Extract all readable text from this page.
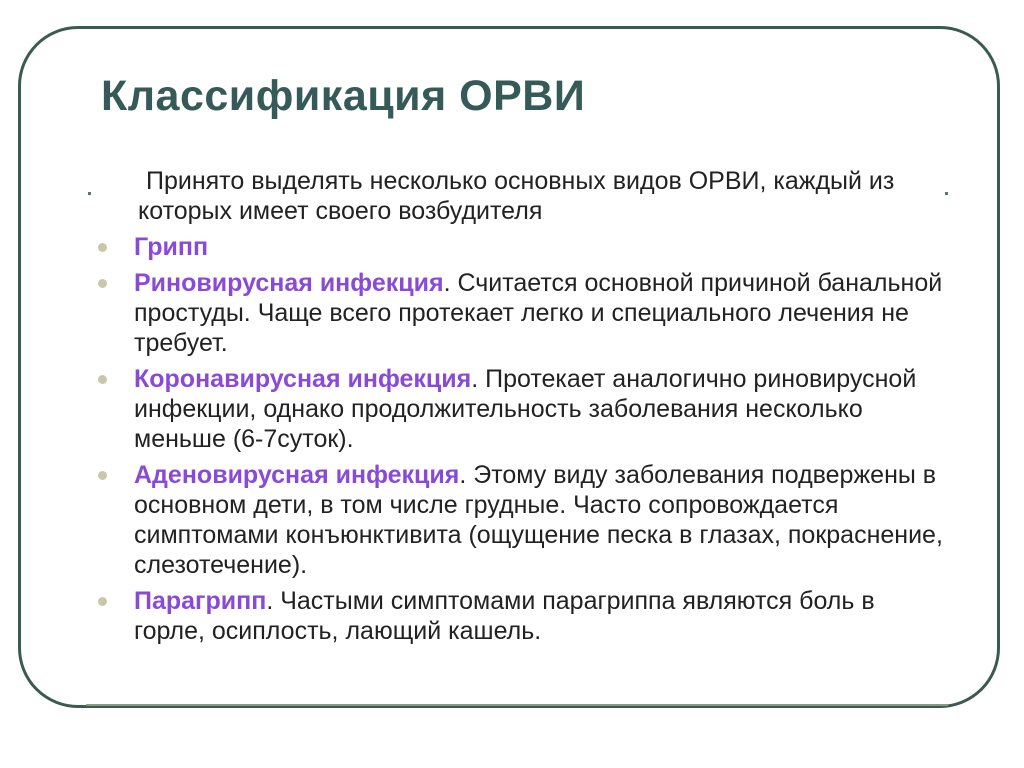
Классификация ОРВИ

Принято выделять несколько основных видов ОРВИ, каждый из которых имеет своего возбудителя

Грипп
Риновирусная инфекция. Считается основной причиной банальной простуды. Чаще всего протекает легко и специального лечения не требует.
Коронавирусная инфекция. Протекает аналогично риновирусной инфекции, однако продолжительность заболевания несколько меньше (6-7суток).
Аденовирусная инфекция. Этому виду заболевания подвержены в основном дети, в том числе грудные. Часто сопровождается симптомами конъюнктивита (ощущение песка в глазах, покраснение, слезотечение).
Парагрипп. Частыми симптомами парагриппа являются боль в горле, осиплость, лающий кашель.
